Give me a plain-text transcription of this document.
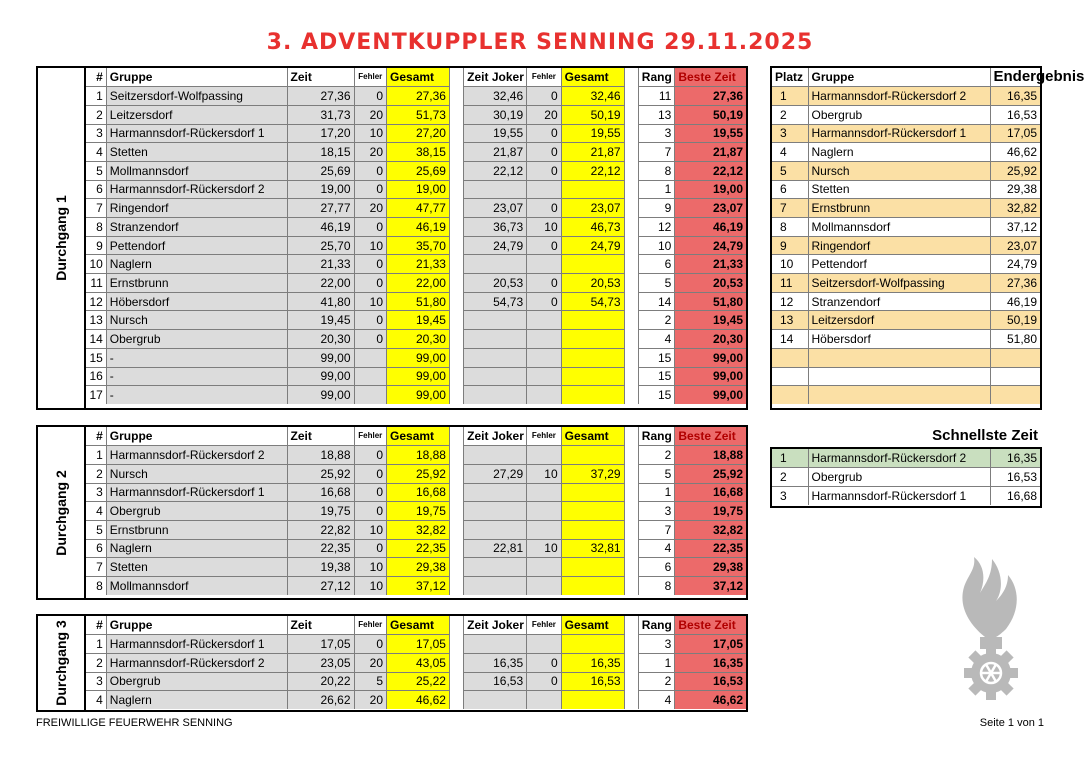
3. ADVENTKUPPLER SENNING 29.11.2025
Durchgang 1
#	Gruppe	Zeit	Fehler	Gesamt		Zeit Joker	Fehler	Gesamt		Rang	Beste Zeit
1	Seitzersdorf-Wolfpassing	27,36	0	27,36		32,46	0	32,46		11	27,36
2	Leitzersdorf	31,73	20	51,73		30,19	20	50,19		13	50,19
3	Harmannsdorf-Rückersdorf 1	17,20	10	27,20		19,55	0	19,55		3	19,55
4	Stetten	18,15	20	38,15		21,87	0	21,87		7	21,87
5	Mollmannsdorf	25,69	0	25,69		22,12	0	22,12		8	22,12
6	Harmannsdorf-Rückersdorf 2	19,00	0	19,00						1	19,00
7	Ringendorf	27,77	20	47,77		23,07	0	23,07		9	23,07
8	Stranzendorf	46,19	0	46,19		36,73	10	46,73		12	46,19
9	Pettendorf	25,70	10	35,70		24,79	0	24,79		10	24,79
10	Naglern	21,33	0	21,33						6	21,33
11	Ernstbrunn	22,00	0	22,00		20,53	0	20,53		5	20,53
12	Höbersdorf	41,80	10	51,80		54,73	0	54,73		14	51,80
13	Nursch	19,45	0	19,45						2	19,45
14	Obergrub	20,30	0	20,30						4	20,30
15	-	99,00		99,00						15	99,00
16	-	99,00		99,00						15	99,00
17	-	99,00		99,00						15	99,00
Durchgang 2
#	Gruppe	Zeit	Fehler	Gesamt		Zeit Joker	Fehler	Gesamt		Rang	Beste Zeit
1	Harmannsdorf-Rückersdorf 2	18,88	0	18,88						2	18,88
2	Nursch	25,92	0	25,92		27,29	10	37,29		5	25,92
3	Harmannsdorf-Rückersdorf 1	16,68	0	16,68						1	16,68
4	Obergrub	19,75	0	19,75						3	19,75
5	Ernstbrunn	22,82	10	32,82						7	32,82
6	Naglern	22,35	0	22,35		22,81	10	32,81		4	22,35
7	Stetten	19,38	10	29,38						6	29,38
8	Mollmannsdorf	27,12	10	37,12						8	37,12
Durchgang 3 #	Gruppe	Zeit	Fehler	Gesamt		Zeit Joker	Fehler	Gesamt		Rang	Beste Zeit
1	Harmannsdorf-Rückersdorf 1	17,05	0	17,05						3	17,05
2	Harmannsdorf-Rückersdorf 2	23,05	20	43,05		16,35	0	16,35		1	16,35
3	Obergrub	20,22	5	25,22		16,53	0	16,53		2	16,53
4	Naglern	26,62	20	46,62						4	46,62
Platz	Gruppe	Endergebnis
1	Harmannsdorf-Rückersdorf 2	16,35
2	Obergrub	16,53
3	Harmannsdorf-Rückersdorf 1	17,05
4	Naglern	46,62
5	Nursch	25,92
6	Stetten	29,38
7	Ernstbrunn	32,82
8	Mollmannsdorf	37,12
9	Ringendorf	23,07
10	Pettendorf	24,79
11	Seitzersdorf-Wolfpassing	27,36
12	Stranzendorf	46,19
13	Leitzersdorf	50,19
14	Höbersdorf	51,80

Schnellste Zeit
1	Harmannsdorf-Rückersdorf 2	16,35
2	Obergrub	16,53
3	Harmannsdorf-Rückersdorf 1	16,68
FREIWILLIGE FEUERWEHR SENNING	Seite 1 von 1
